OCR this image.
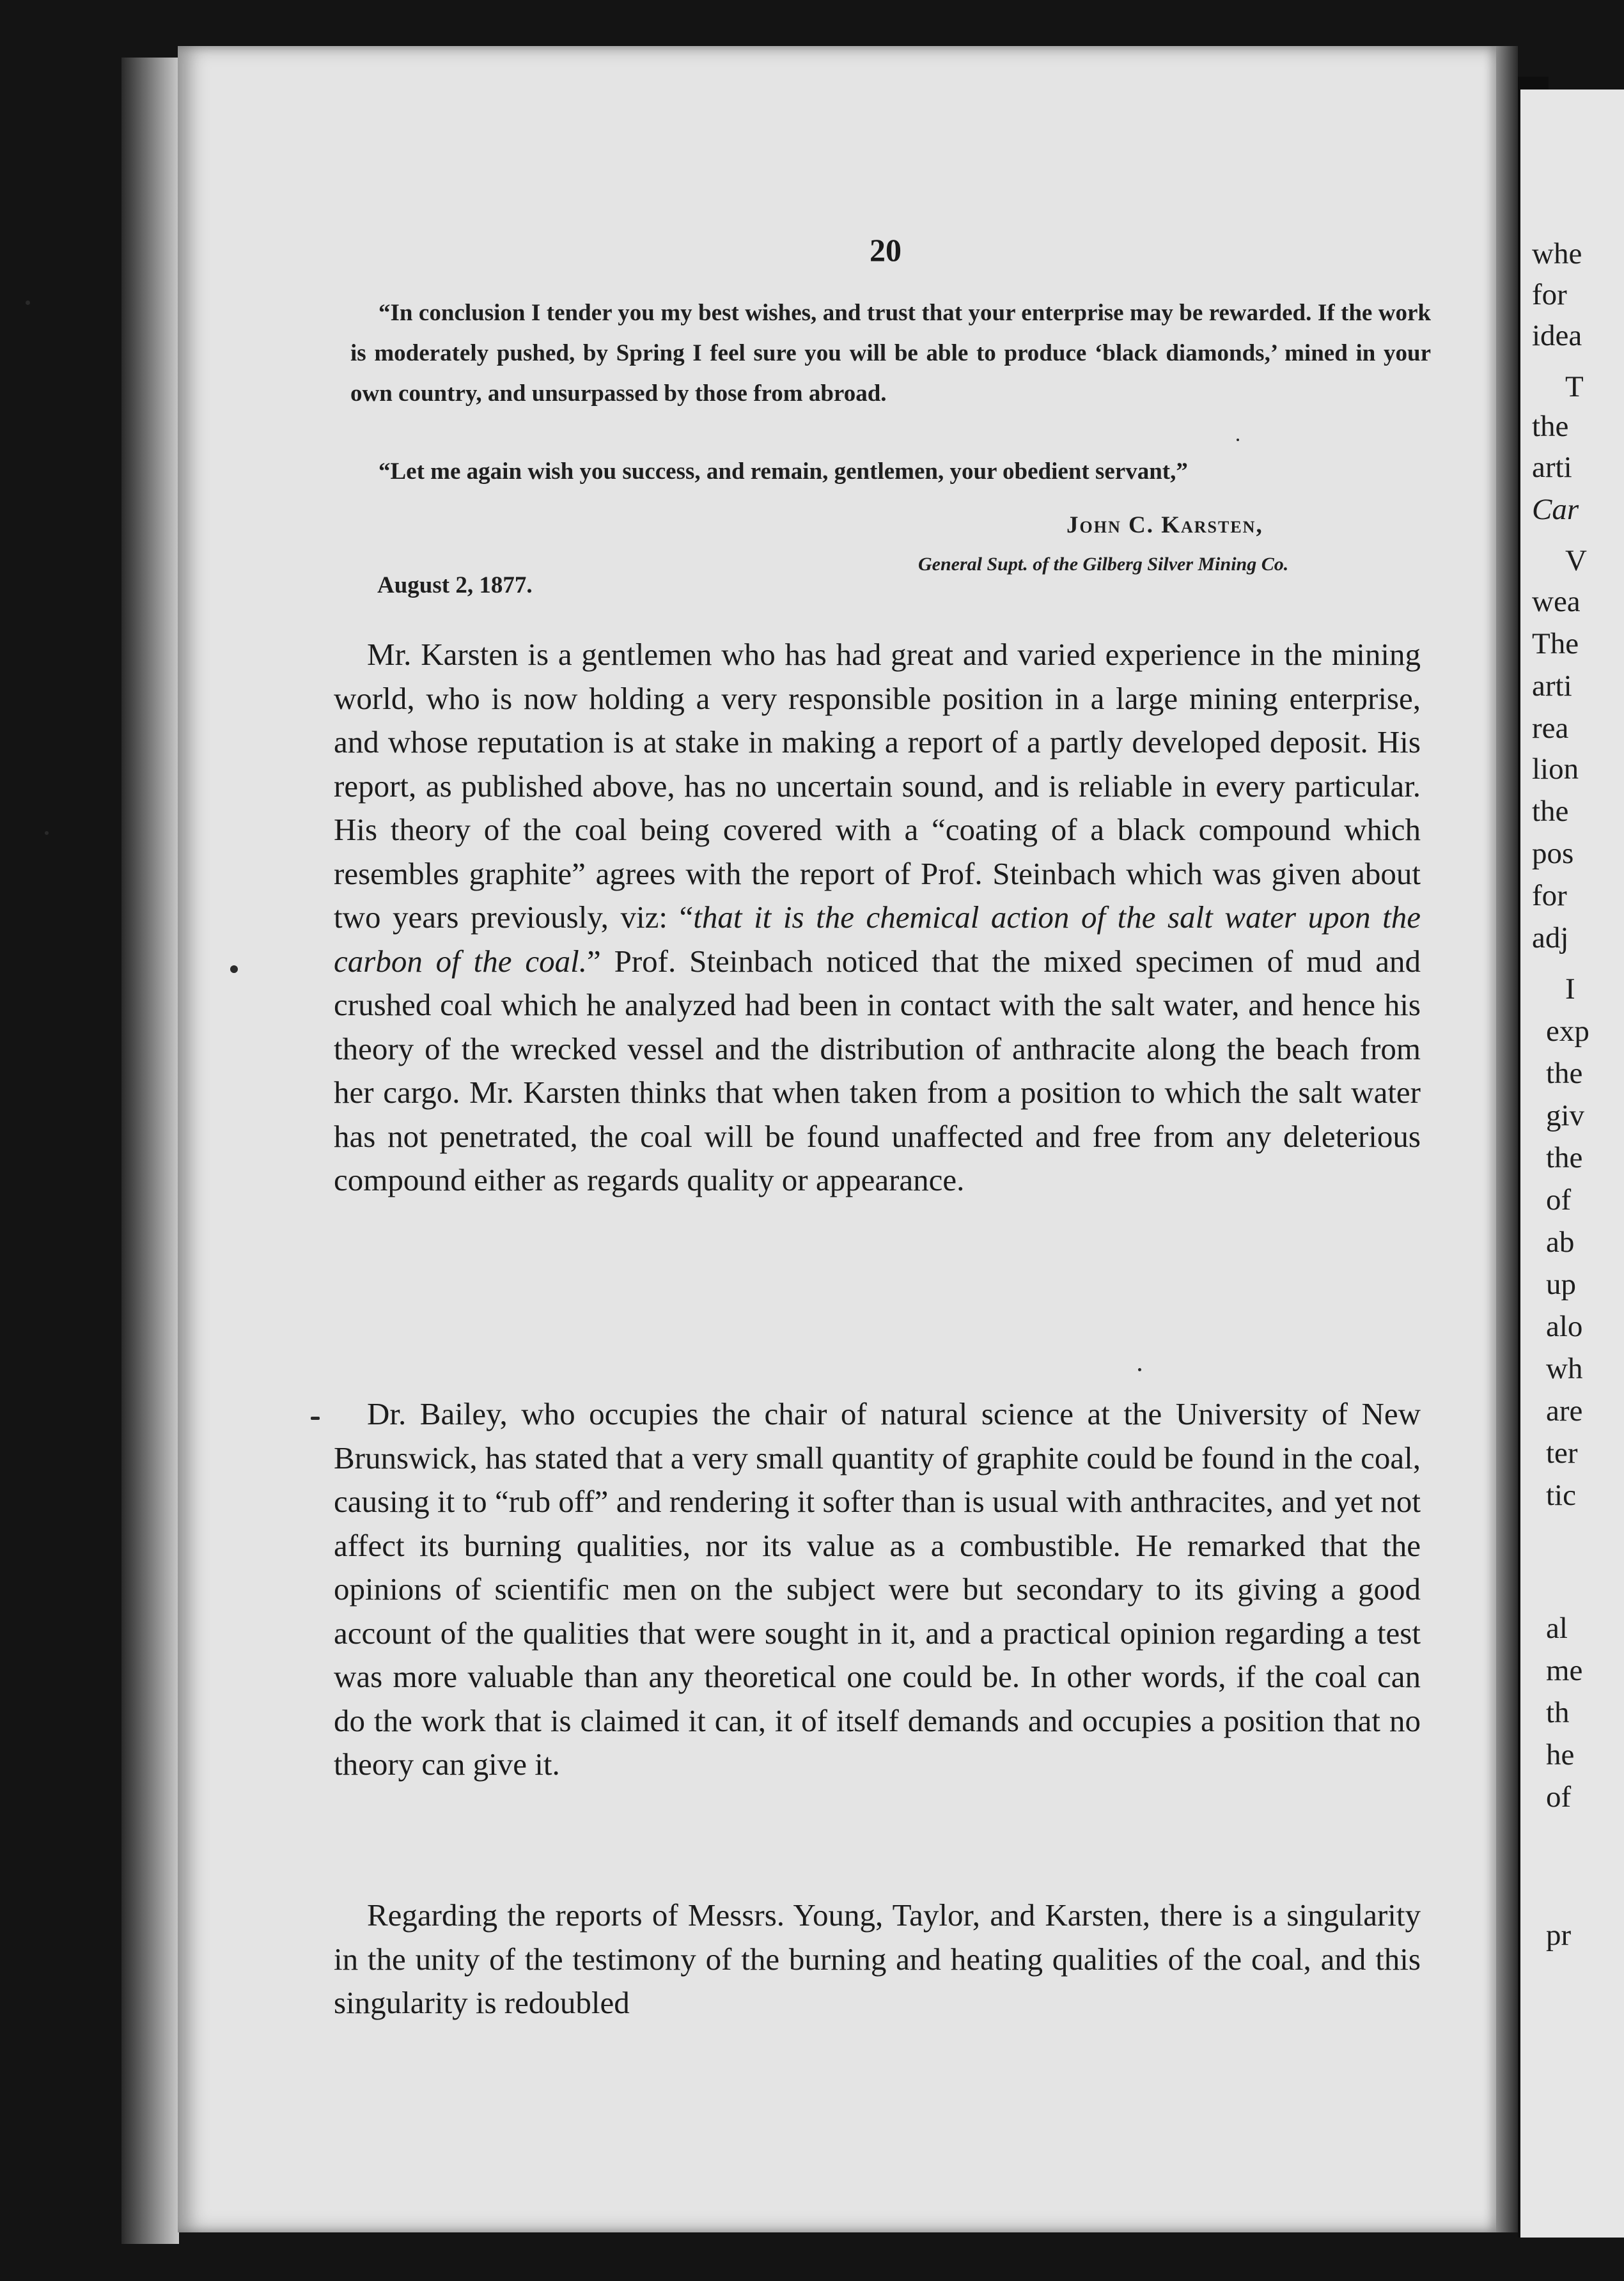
whe
for
idea
T
the
arti
Car
V
wea
The
arti
rea
lion
the
pos
for
adj
I
exp
the
giv
the
of
ab
up
alo
wh
are
ter
tic
al
me
th
he
of
pr
20
“In conclusion I tender you my best wishes, and trust that your enterprise may be rewarded. If the work is moderately pushed, by Spring I feel sure you will be able to produce ‘black diamonds,’ mined in your own country, and unsurpassed by those from abroad.
“Let me again wish you success, and remain, gentlemen, your obedient servant,”
John C. Karsten,
General Supt. of the Gilberg Silver Mining Co.
August 2, 1877.
Mr. Karsten is a gentlemen who has had great and varied experience in the mining world, who is now holding a very responsible position in a large mining enterprise, and whose reputation is at stake in making a report of a partly developed deposit. His report, as published above, has no uncertain sound, and is reliable in every particular. His theory of the coal being covered with a “coating of a black compound which resembles graphite” agrees with the report of Prof. Steinbach which was given about two years previously, viz: “that it is the chemical action of the salt water upon the carbon of the coal.” Prof. Steinbach noticed that the mixed specimen of mud and crushed coal which he analyzed had been in contact with the salt water, and hence his theory of the wrecked vessel and the distribution of anthracite along the beach from her cargo. Mr. Karsten thinks that when taken from a position to which the salt water has not penetrated, the coal will be found unaffected and free from any deleterious compound either as regards quality or appearance.
Dr. Bailey, who occupies the chair of natural science at the University of New Brunswick, has stated that a very small quantity of graphite could be found in the coal, causing it to “rub off” and rendering it softer than is usual with anthracites, and yet not affect its burning qualities, nor its value as a combustible. He remarked that the opinions of scientific men on the subject were but secondary to its giving a good account of the qualities that were sought in it, and a practical opinion regarding a test was more valuable than any theoretical one could be. In other words, if the coal can do the work that is claimed it can, it of itself demands and occupies a position that no theory can give it.
Regarding the reports of Messrs. Young, Taylor, and Karsten, there is a singularity in the unity of the testimony of the burning and heating qualities of the coal, and this singularity is redoubled
